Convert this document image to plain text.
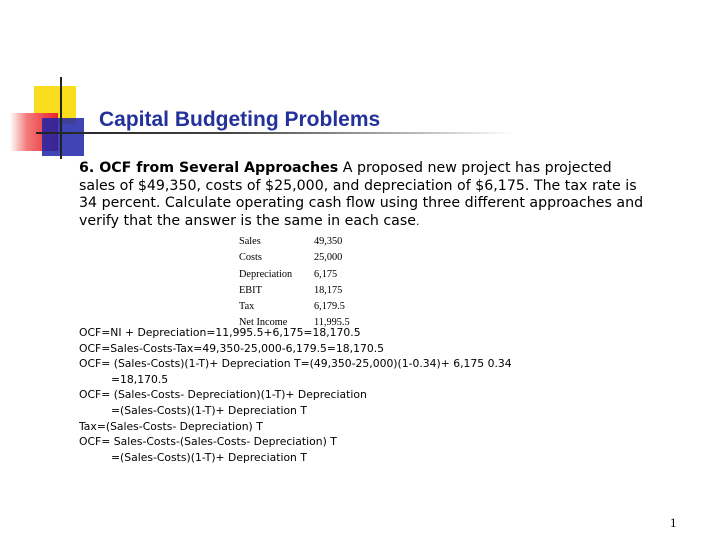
Capital Budgeting Problems

6. OCF from Several Approaches A proposed new project has projected sales of $49,350, costs of $25,000, and depreciation of $6,175. The tax rate is 34 percent. Calculate operating cash flow using three different approaches and verify that the answer is the same in each case.

Sales	49,350
Costs	25,000
Depreciation	6,175
EBIT	18,175
Tax	6,179.5
Net Income	11,995.5
OCF=NI + Depreciation=11,995.5+6,175=18,170.5
OCF=Sales-Costs-Tax=49,350-25,000-6,179.5=18,170.5
OCF= (Sales-Costs)(1-T)+ Depreciation T=(49,350-25,000)(1-0.34)+ 6,175 0.34
=18,170.5
OCF= (Sales-Costs- Depreciation)(1-T)+ Depreciation
=(Sales-Costs)(1-T)+ Depreciation T
Tax=(Sales-Costs- Depreciation) T
OCF= Sales-Costs-(Sales-Costs- Depreciation) T
=(Sales-Costs)(1-T)+ Depreciation T
1
